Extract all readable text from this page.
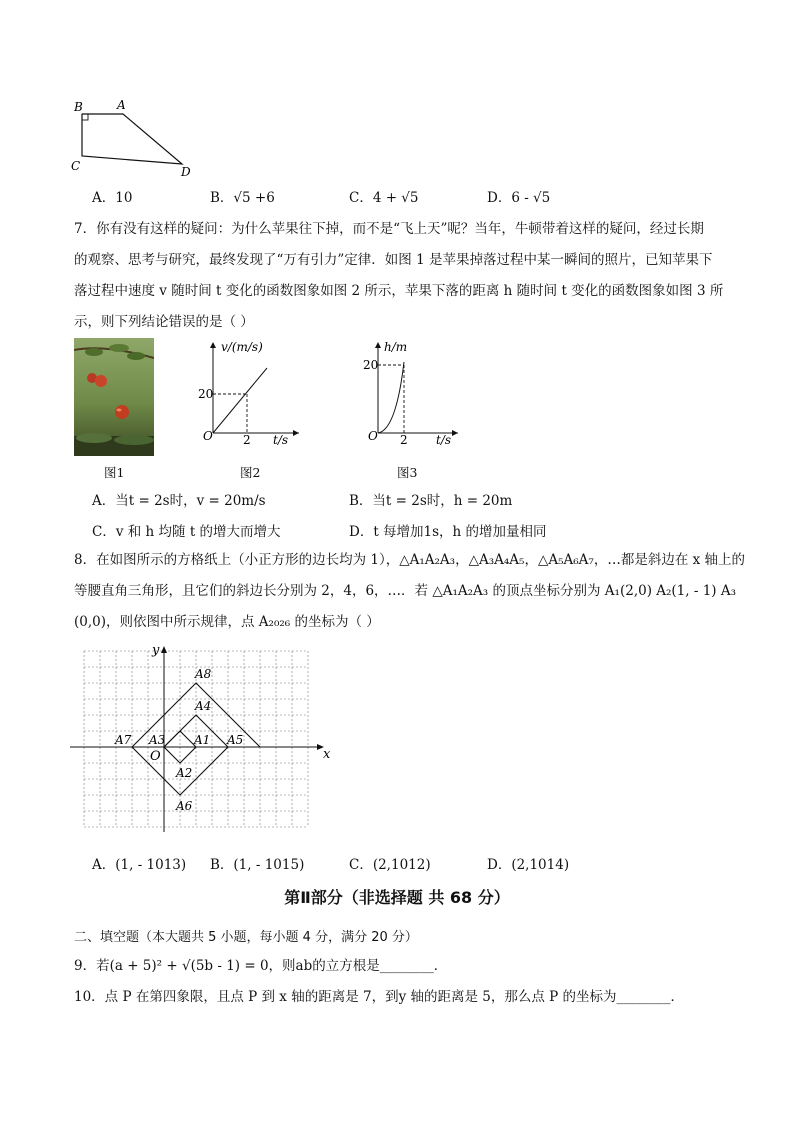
B	A
C	D
A．10	B．√5 +6	C．4 + √5	D．6 - √5
7．你有没有这样的疑问：为什么苹果往下掉，而不是“飞上天”呢？当年，牛顿带着这样的疑问，经过长期
的观察、思考与研究，最终发现了“万有引力”定律．如图 1 是苹果掉落过程中某一瞬间的照片，已知苹果下
落过程中速度 v 随时间 t 变化的函数图象如图 2 所示，苹果下落的距离 h 随时间 t 变化的函数图象如图 3 所
示，则下列结论错误的是（ ）
图1
v/(m/s)
20
O	2 t/s
图2
h/m
20
O 2 t/s
图3
A．当t = 2s时，v = 20m/s	B．当t = 2s时，h = 20m
C．v 和 h 均随 t 的增大而增大	D．t 每增加1s，h 的增加量相同
8．在如图所示的方格纸上（小正方形的边长均为 1），△A₁A₂A₃，△A₃A₄A₅，△A₅A₆A₇，…都是斜边在 x 轴上的
等腰直角三角形，且它们的斜边长分别为 2，4，6，…．若 △A₁A₂A₃ 的顶点坐标分别为 A₁(2,0) A₂(1, - 1) A₃
(0,0)，则依图中所示规律，点 A₂₀₂₆ 的坐标为（ ）
x
y
O
A8
A4
A7 A3 A1 A5
A2
A6
A．(1, - 1013) B．(1, - 1015)	C．(2,1012)	D．(2,1014)
第Ⅱ部分（非选择题 共 68 分）
二、填空题（本大题共 5 小题，每小题 4 分，满分 20 分）
9．若(a + 5)² + √(5b - 1) = 0，则ab的立方根是________．
10．点 P 在第四象限，且点 P 到 x 轴的距离是 7，到y 轴的距离是 5，那么点 P 的坐标为________．
